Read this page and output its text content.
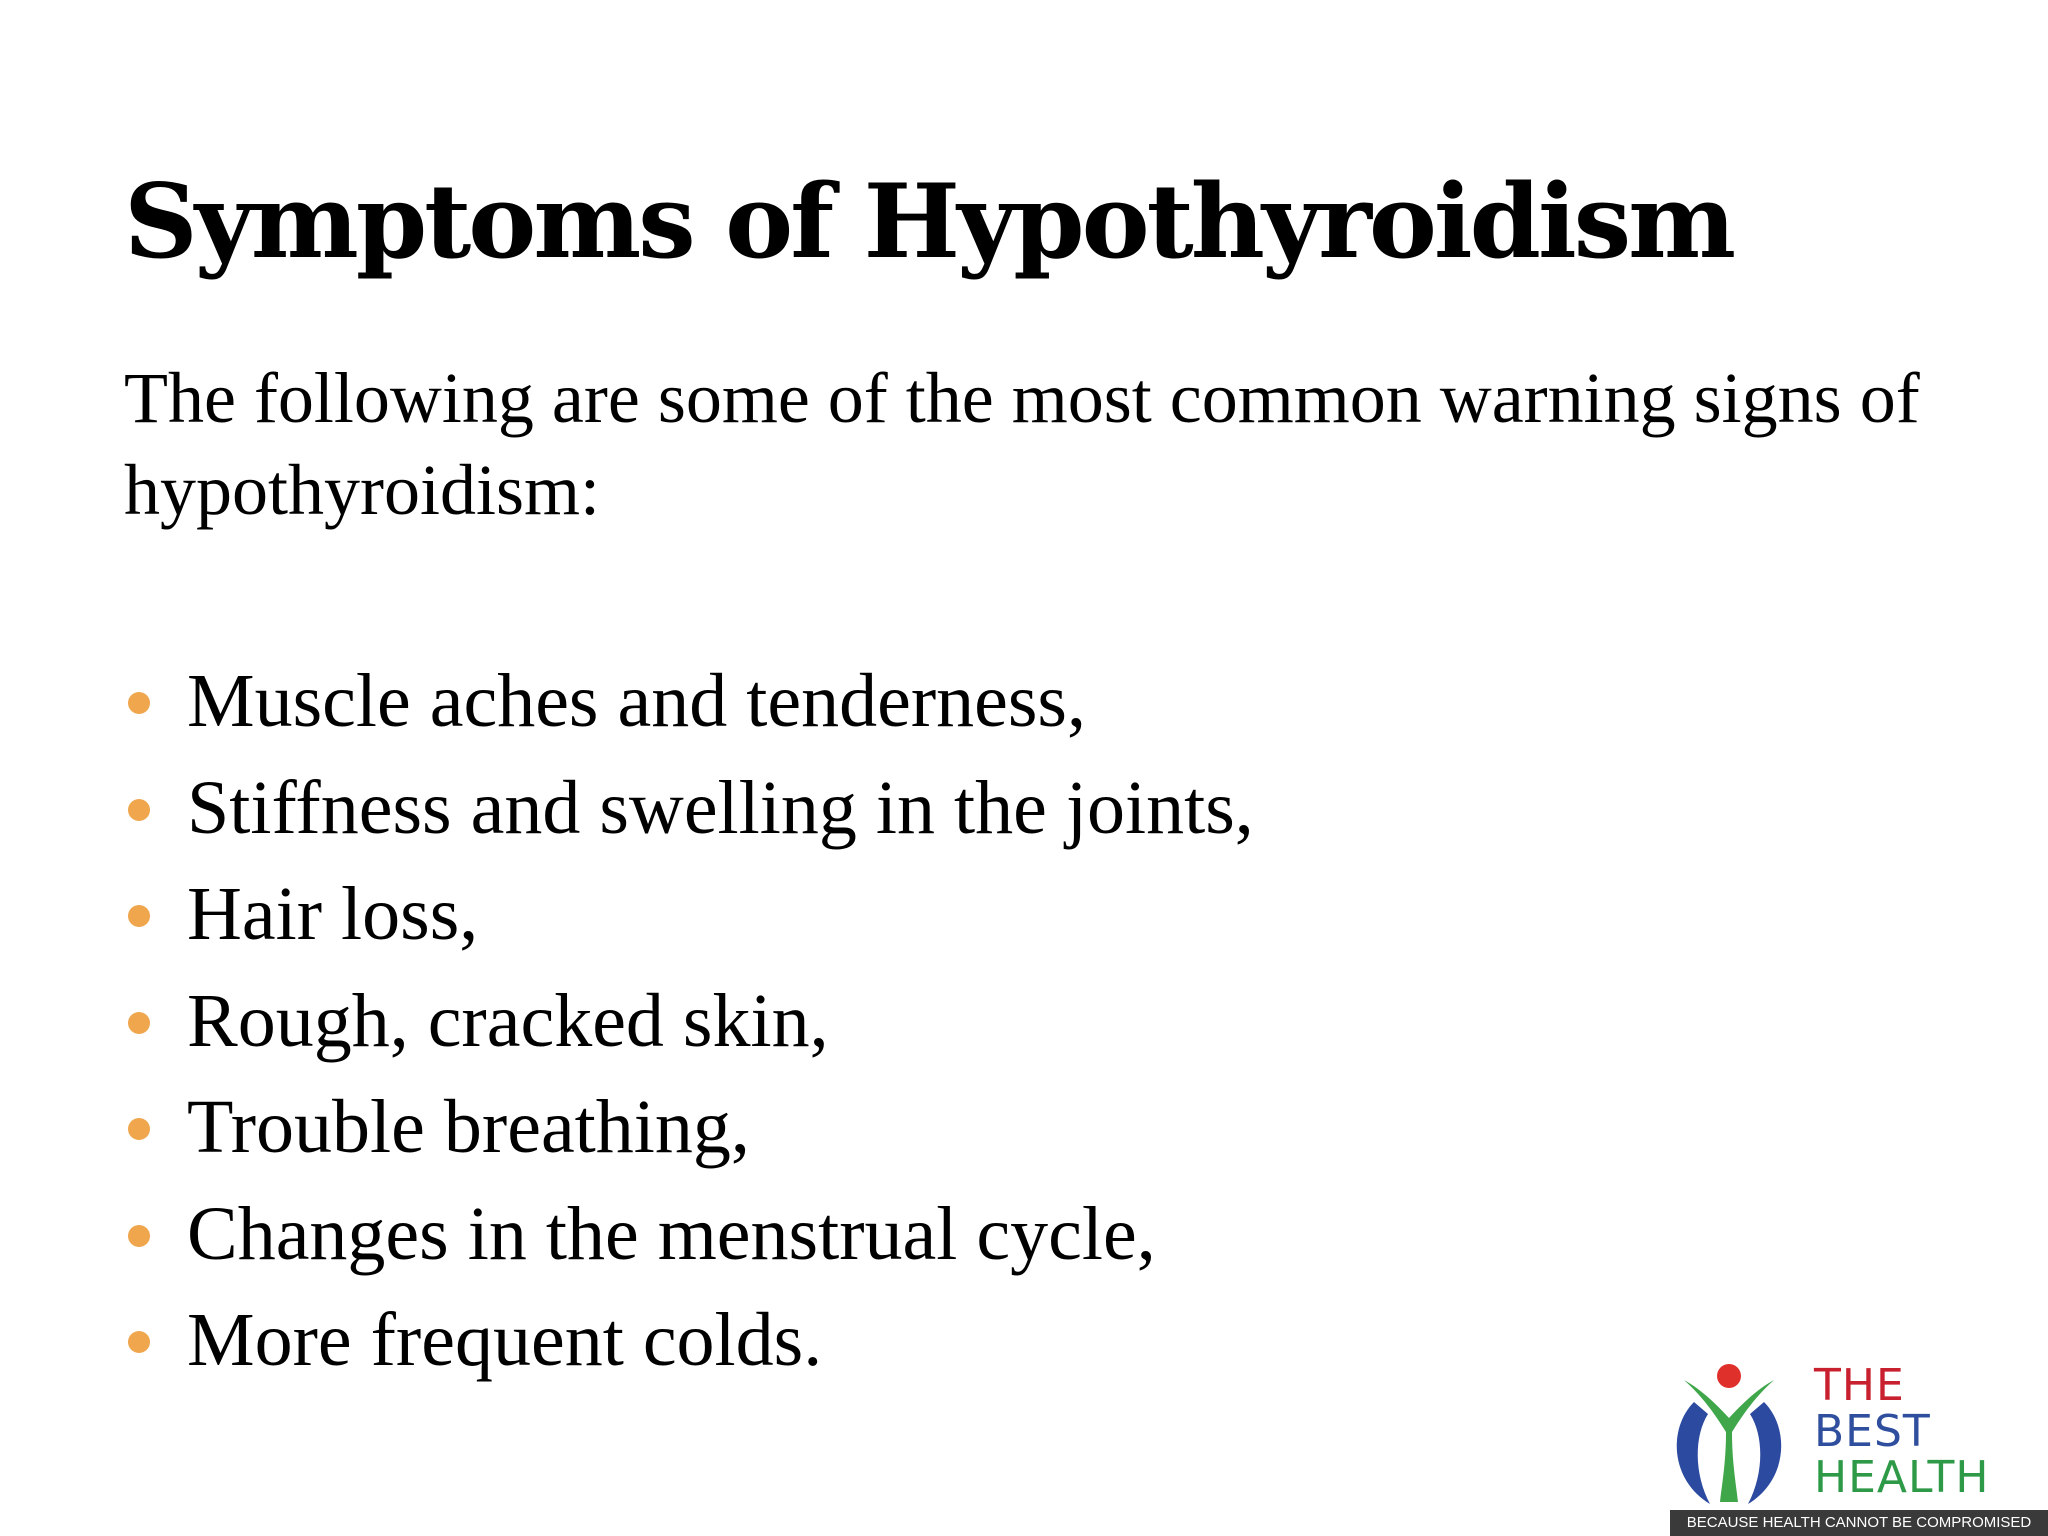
Symptoms of Hypothyroidism

The following are some of the most common warning signs of hypothyroidism:

Muscle aches and tenderness,
Stiffness and swelling in the joints,
Hair loss,
Rough, cracked skin,
Trouble breathing,
Changes in the menstrual cycle,
More frequent colds.
THE
BEST
HEALTH
BECAUSE HEALTH CANNOT BE COMPROMISED
